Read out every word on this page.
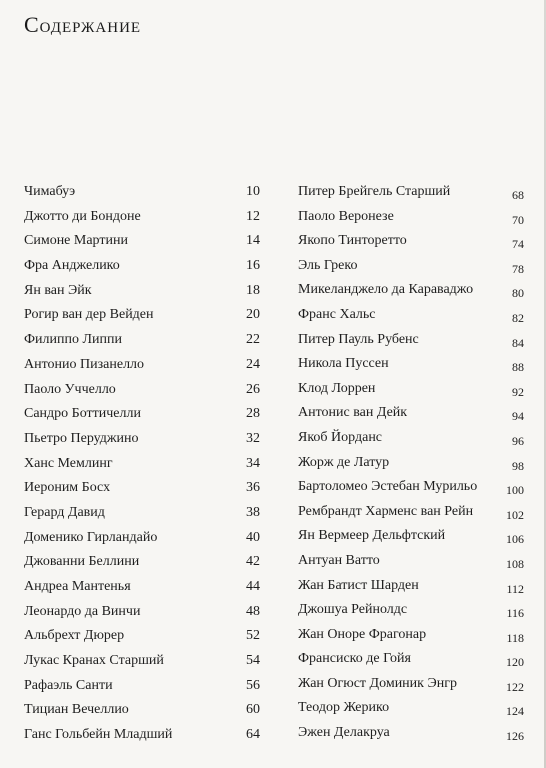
Содержание
Чимабуэ	10
Джотто ди Бондоне	12
Симоне Мартини	14
Фра Анджелико	16
Ян ван Эйк	18
Рогир ван дер Вейден	20
Филиппо Липпи	22
Антонио Пизанелло	24
Паоло Уччелло	26
Сандро Боттичелли	28
Пьетро Перуджино	32
Ханс Мемлинг	34
Иероним Босх	36
Герард Давид	38
Доменико Гирландайо	40
Джованни Беллини	42
Андреа Мантенья	44
Леонардо да Винчи	48
Альбрехт Дюрер	52
Лукас Кранах Старший	54
Рафаэль Санти	56
Тициан Вечеллио	60
Ганс Гольбейн Младший	64
Питер Брейгель Старший	68
Паоло Веронезе	70
Якопо Тинторетто	74
Эль Греко	78
Микеланджело да Караваджо	80
Франс Хальс	82
Питер Пауль Рубенс	84
Никола Пуссен	88
Клод Лоррен	92
Антонис ван Дейк	94
Якоб Йорданс	96
Жорж де Латур	98
Бартоломео Эстебан Мурильо 100
Рембрандт Харменс ван Рейн	102
Ян Вермеер Дельфтский	106
Антуан Ватто	108
Жан Батист Шарден	112
Джошуа Рейнолдс	116
Жан Оноре Фрагонар	118
Франсиско де Гойя	120
Жан Огюст Доминик Энгр	122
Теодор Жерико	124
Эжен Делакруа	126
